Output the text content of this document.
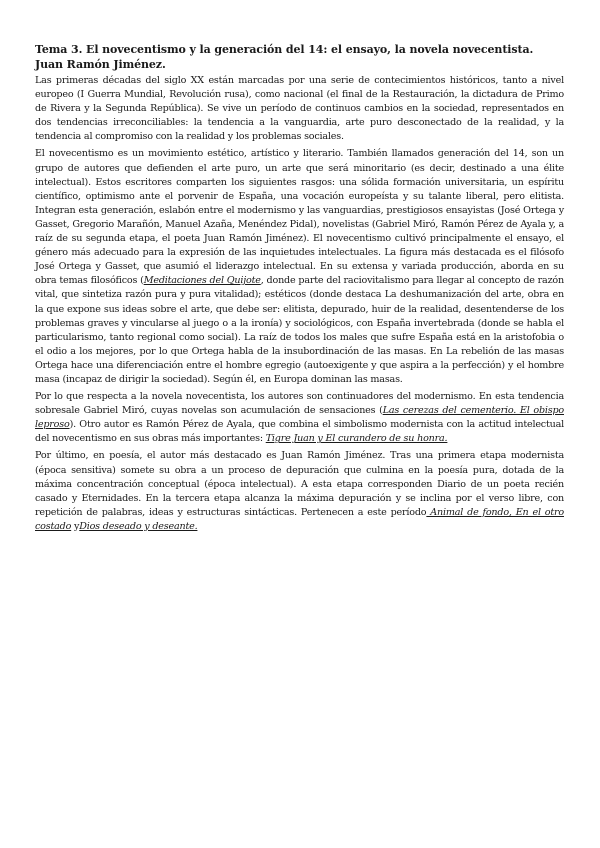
Tema 3. El novecentismo y la generación del 14: el ensayo, la novela novecentista. Juan Ramón Jiménez.

Las primeras décadas del siglo XX están marcadas por una serie de contecimientos históricos, tanto a nivel europeo (I Guerra Mundial, Revolución rusa), como nacional (el final de la Restauración, la dictadura de Primo de Rivera y la Segunda República). Se vive un período de continuos cambios en la sociedad, representados en dos tendencias irreconciliables: la tendencia a la vanguardia, arte puro desconectado de la realidad, y la tendencia al compromiso con la realidad y los problemas sociales.

El novecentismo es un movimiento estético, artístico y literario. También llamados generación del 14, son un grupo de autores que defienden el arte puro, un arte que será minoritario (es decir, destinado a una élite intelectual). Estos escritores comparten los siguientes rasgos: una sólida formación universitaria, un espíritu científico, optimismo ante el porvenir de España, una vocación europeísta y su talante liberal, pero elitista. Integran esta generación, eslabón entre el modernismo y las vanguardias, prestigiosos ensayistas (José Ortega y Gasset, Gregorio Marañón, Manuel Azaña, Menéndez Pidal), novelistas (Gabriel Miró, Ramón Pérez de Ayala y, a raíz de su segunda etapa, el poeta Juan Ramón Jiménez). El novecentismo cultivó principalmente el ensayo, el género más adecuado para la expresión de las inquietudes intelectuales. La figura más destacada es el filósofo José Ortega y Gasset, que asumió el liderazgo intelectual. En su extensa y variada producción, aborda en su obra temas filosóficos (Meditaciones del Quijote, donde parte del raciovitalismo para llegar al concepto de razón vital, que sintetiza razón pura y pura vitalidad); estéticos (donde destaca La deshumanización del arte, obra en la que expone sus ideas sobre el arte, que debe ser: elitista, depurado, huir de la realidad, desentenderse de los problemas graves y vincularse al juego o a la ironía) y sociológicos, con España invertebrada (donde se habla el particularismo, tanto regional como social). La raíz de todos los males que sufre España está en la aristofobia o el odio a los mejores, por lo que Ortega habla de la insubordinación de las masas. En La rebelión de las masas Ortega hace una diferenciación entre el hombre egregio (autoexigente y que aspira a la perfección) y el hombre masa (incapaz de dirigir la sociedad). Según él, en Europa dominan las masas.

Por lo que respecta a la novela novecentista, los autores son continuadores del modernismo. En esta tendencia sobresale Gabriel Miró, cuyas novelas son acumulación de sensaciones (Las cerezas del cementerio. El obispo leproso). Otro autor es Ramón Pérez de Ayala, que combina el simbolismo modernista con la actitud intelectual del novecentismo en sus obras más importantes: Tigre Juan y El curandero de su honra.

Por último, en poesía, el autor más destacado es Juan Ramón Jiménez. Tras una primera etapa modernista (época sensitiva) somete su obra a un proceso de depuración que culmina en la poesía pura, dotada de la máxima concentración conceptual (época intelectual). A esta etapa corresponden Diario de un poeta recién casado y Eternidades. En la tercera etapa alcanza la máxima depuración y se inclina por el verso libre, con repetición de palabras, ideas y estructuras sintácticas. Pertenecen a este período Animal de fondo, En el otro costado yDios deseado y deseante.
